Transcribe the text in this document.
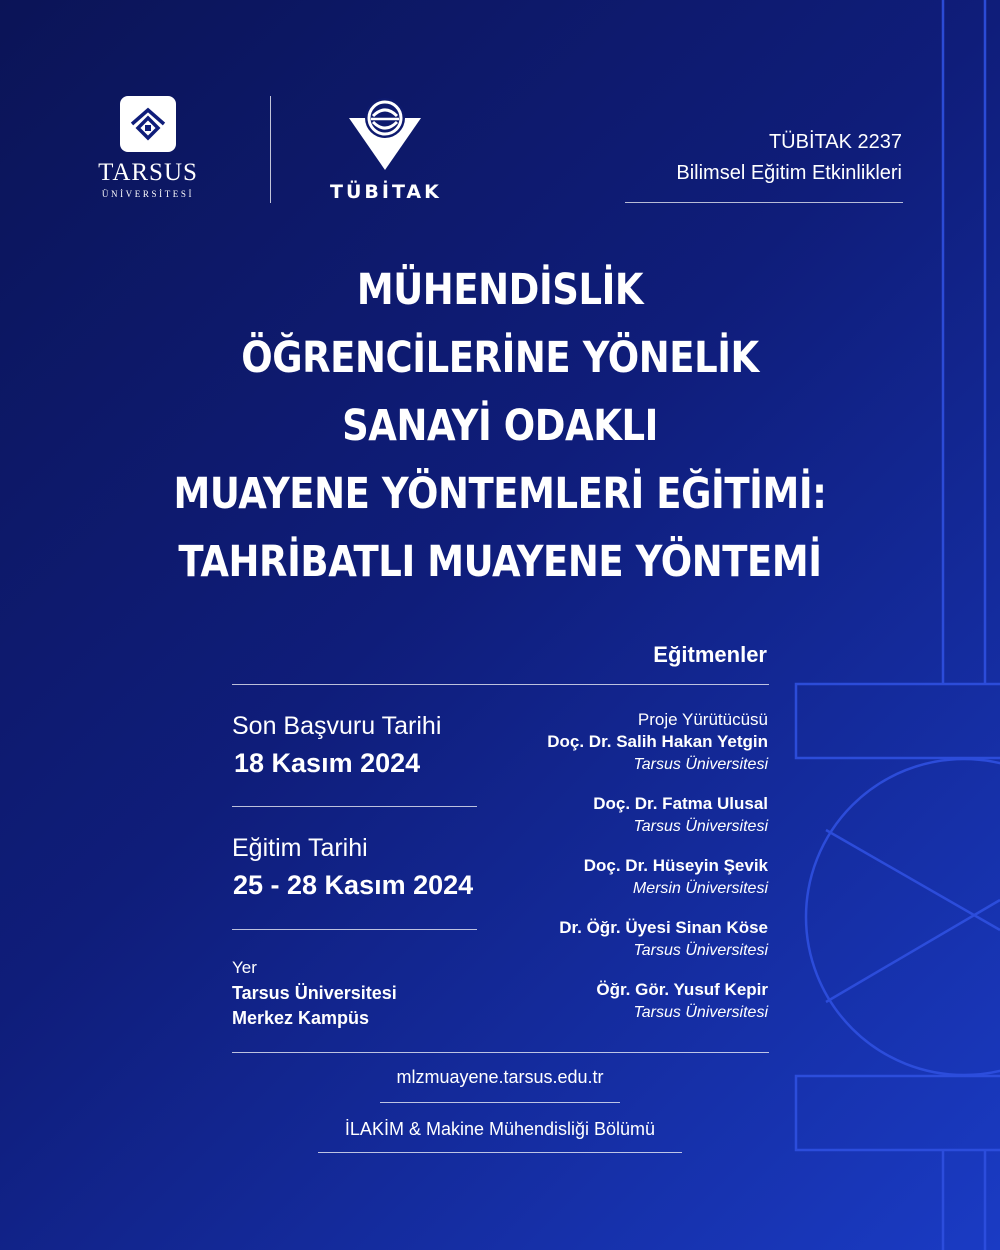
TARSUS
ÜNİVERSİTESİ	TÜBİTAK
TÜBİTAK 2237
Bilimsel Eğitim Etkinlikleri
MÜHENDİSLİK
ÖĞRENCİLERİNE YÖNELİK
SANAYİ ODAKLI
MUAYENE YÖNTEMLERİ EĞİTİMİ:
TAHRİBATLI MUAYENE YÖNTEMİ
Eğitmenler
Son Başvuru Tarihi
18 Kasım 2024
Eğitim Tarihi
25 - 28 Kasım 2024
Yer
Tarsus Üniversitesi
Merkez Kampüs
Proje Yürütücüsü
Doç. Dr. Salih Hakan Yetgin
Tarsus Üniversitesi
Doç. Dr. Fatma Ulusal
Tarsus Üniversitesi
Doç. Dr. Hüseyin Şevik
Mersin Üniversitesi
Dr. Öğr. Üyesi Sinan Köse
Tarsus Üniversitesi
Öğr. Gör. Yusuf Kepir
Tarsus Üniversitesi
mlzmuayene.tarsus.edu.tr
İLAKİM & Makine Mühendisliği Bölümü
